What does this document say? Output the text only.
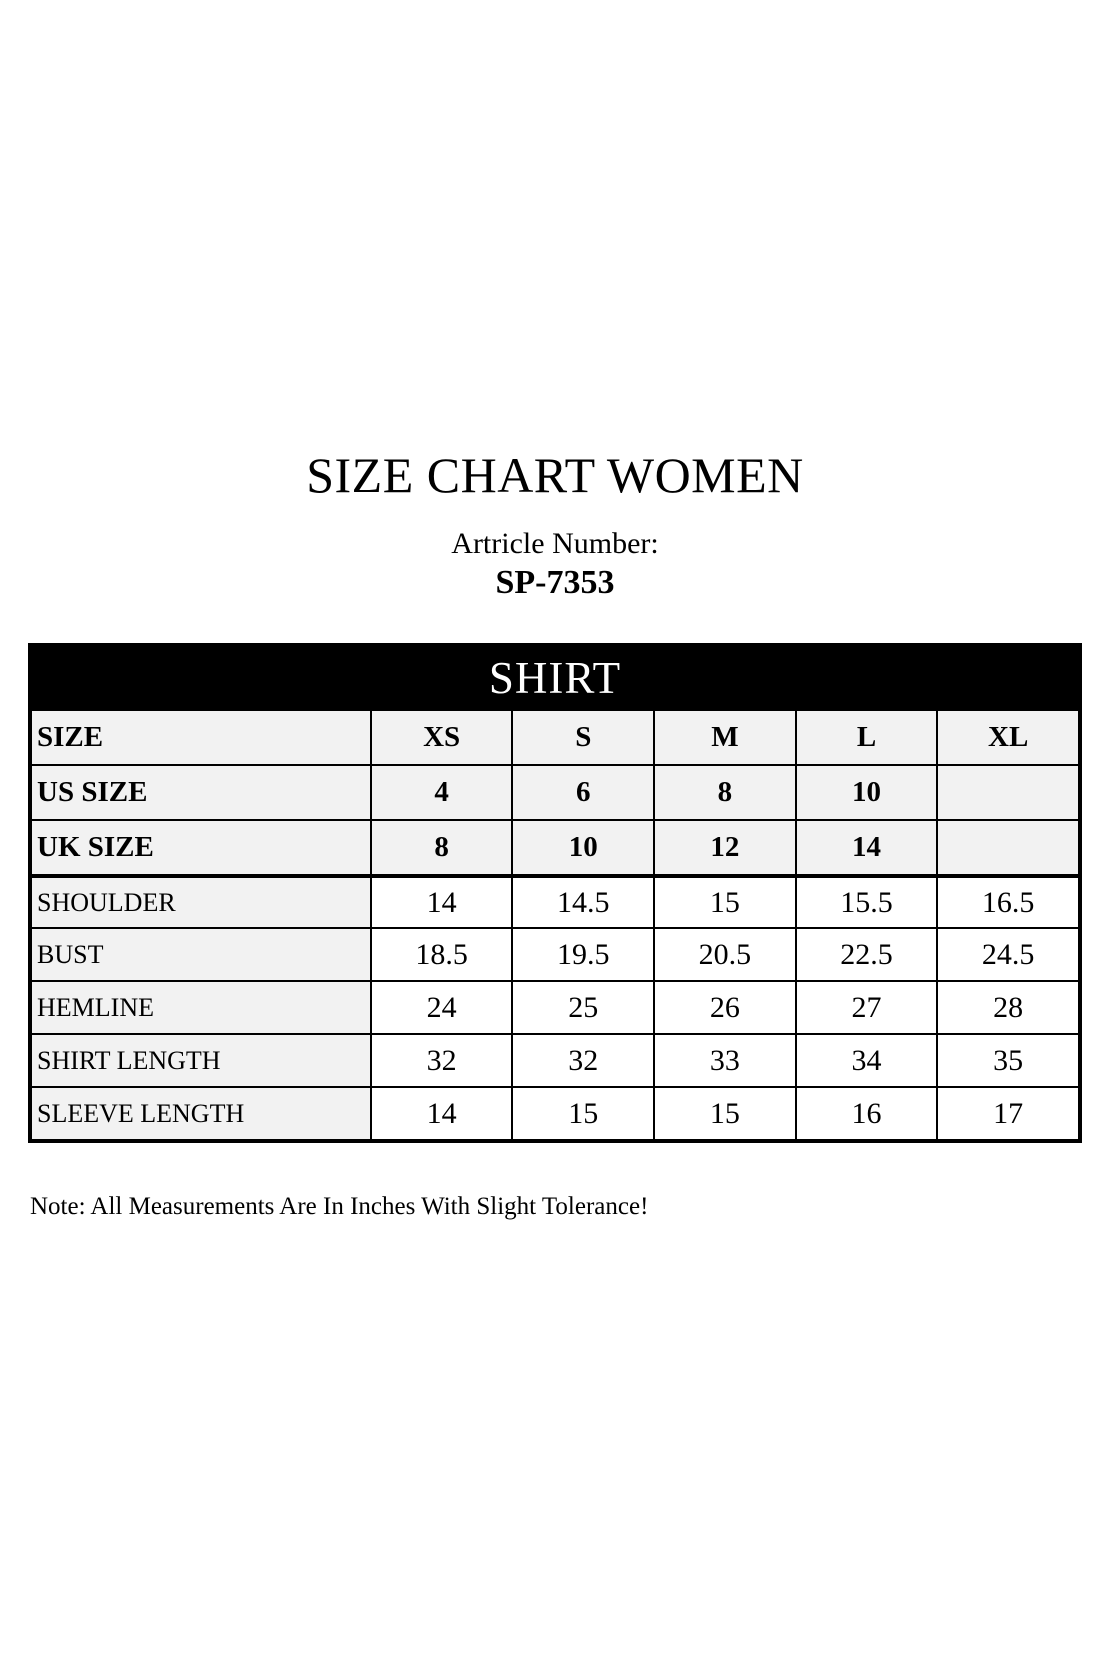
SIZE CHART WOMEN
Artricle Number:
SP-7353
SHIRT
SIZE	XS	S	M	L	XL
US SIZE	4	6	8	10
UK SIZE	8	10	12	14
SHOULDER	14	14.5	15	15.5	16.5
BUST	18.5	19.5	20.5	22.5	24.5
HEMLINE	24	25	26	27	28
SHIRT LENGTH	32	32	33	34	35
SLEEVE LENGTH	14	15	15	16	17
Note: All Measurements Are In Inches With Slight Tolerance!
